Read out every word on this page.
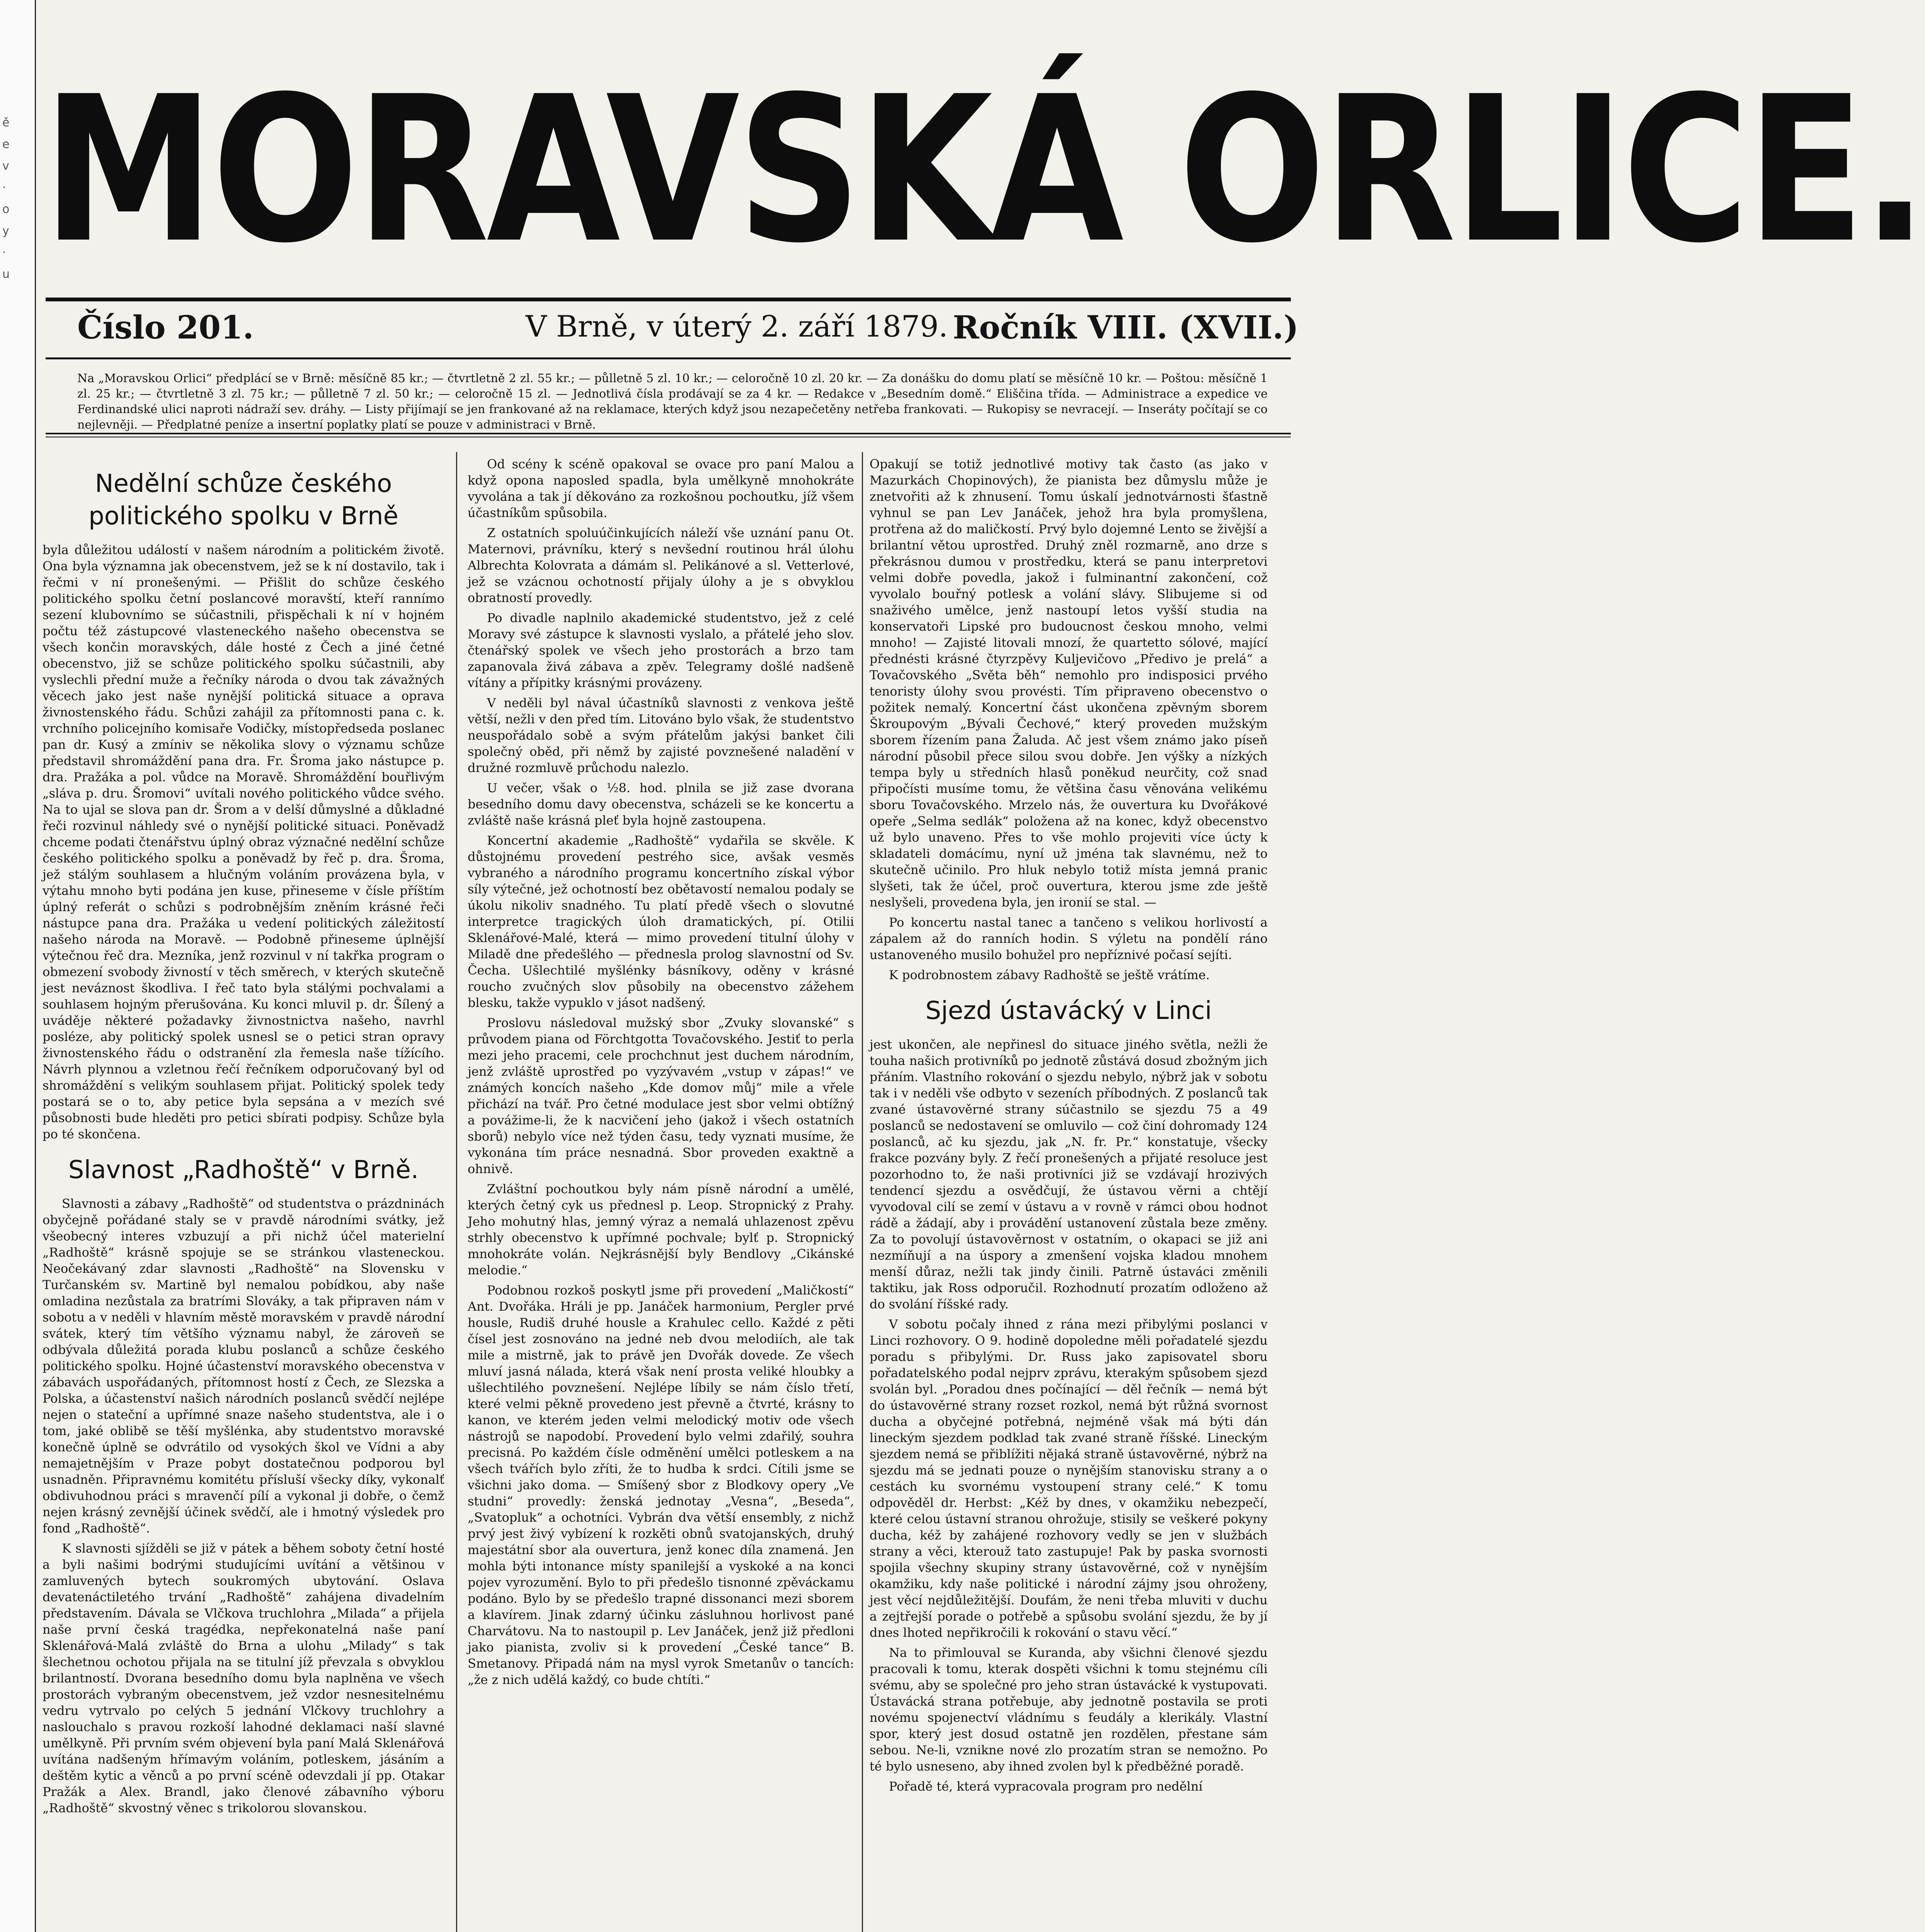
ě
e
v
·
o
y
·
u MORAVSKÁ ORLICE.
Číslo 201.	V Brně, v úterý 2. září 1879. Ročník VIII. (XVII.)
Na „Moravskou Orlici“ předplácí se v Brně: měsíčně 85 kr.; — čtvrtletně 2 zl. 55 kr.; — půlletně 5 zl. 10 kr.; — celoročně 10 zl. 20 kr. — Za donášku do domu platí se měsíčně 10 kr. — Poštou: měsíčně 1 zl. 25 kr.; — čtvrtletně 3 zl. 75 kr.; — půlletně 7 zl. 50 kr.; — celoročně 15 zl. — Jednotlivá čísla prodávají se za 4 kr. — Redakce v „Besedním domě.“ Eliščina třída. — Administrace a expedice ve Ferdinandské ulici naproti nádraží sev. dráhy. — Listy přijímají se jen frankované až na reklamace, kterých když jsou nezapečetěny netřeba frankovati. — Rukopisy se nevracejí. — Inseráty počítají se co nejlevněji. — Předplatné peníze a insertní poplatky platí se pouze v administraci v Brně.
Nedělní schůze českého politického spolku v Brně

byla důležitou událostí v našem národním a politickém životě. Ona byla významna jak obecenstvem, jež se k ní dostavilo, tak i řečmi v ní pronešenými. — Přišlit do schůze českého politického spolku četní poslancové moravští, kteří rannímo sezení klubovnímo se súčastnili, přispěchali k ní v hojném počtu též zástupcové vlasteneckého našeho obecenstva se všech končin moravských, dále hosté z Čech a jiné četné obecenstvo, již se schůze politického spolku súčastnili, aby vyslechli přední muže a řečníky národa o dvou tak závažných věcech jako jest naše nynější politická situace a oprava živnostenského řádu. Schůzi zahájil za přítomnosti pana c. k. vrchního policejního komisaře Vodičky, místopředseda poslanec pan dr. Kusý a zmíniv se několika slovy o významu schůze představil shromáždění pana dra. Fr. Šroma jako nástupce p. dra. Pražáka a pol. vůdce na Moravě. Shromáždění bouřlivým „sláva p. dru. Šromovi“ uvítali nového politického vůdce svého. Na to ujal se slova pan dr. Šrom a v delší důmyslné a důkladné řeči rozvinul náhledy své o nynější politické situaci. Poněvadž chceme podati čtenářstvu úplný obraz význačné nedělní schůze českého politického spolku a poněvadž by řeč p. dra. Šroma, jež stálým souhlasem a hlučným voláním provázena byla, v výtahu mnoho byti podána jen kuse, přineseme v čísle příštím úplný referát o schůzi s podrobnějším zněním krásné řeči nástupce pana dra. Pražáka u vedení politických záležitostí našeho národa na Moravě. — Podobně přineseme úplnější výtečnou řeč dra. Mezníka, jenž rozvinul v ní takřka program o obmezení svobody živností v těch směrech, v kterých skutečně jest neváznost škodliva. I řeč tato byla stálými pochvalami a souhlasem hojným přerušována. Ku konci mluvil p. dr. Šílený a uváděje některé požadavky živnostnictva našeho, navrhl posléze, aby politický spolek usnesl se o petici stran opravy živnostenského řádu o odstranění zla řemesla naše tížícího. Návrh plynnou a vzletnou řečí řečníkem odporučovaný byl od shromáždění s velikým souhlasem přijat. Politický spolek tedy postará se o to, aby petice byla sepsána a v mezích své působnosti bude hleděti pro petici sbírati podpisy. Schůze byla po té skončena.

Slavnost „Radhoště“ v Brně.

Slavnosti a zábavy „Radhoště“ od studentstva o prázdninách obyčejně pořádané staly se v pravdě národními svátky, jež všeobecný interes vzbuzují a při nichž účel materielní „Radhoště“ krásně spojuje se se stránkou vlasteneckou. Neočekávaný zdar slavnosti „Radhoště“ na Slovensku v Turčanském sv. Martině byl nemalou pobídkou, aby naše omladina nezůstala za bratrími Slováky, a tak připraven nám v sobotu a v neděli v hlavním městě moravském v pravdě národní svátek, který tím většího významu nabyl, že zároveň se odbývala důležitá porada klubu poslanců a schůze českého politického spolku. Hojné účastenství moravského obecenstva v zábavách uspořádaných, přítomnost hostí z Čech, ze Slezska a Polska, a účastenství našich národních poslanců svědčí nejlépe nejen o stateční a upřímné snaze našeho studentstva, ale i o tom, jaké oblibě se těší myšlénka, aby studentstvo moravské konečně úplně se odvrátilo od vysokých škol ve Vídni a aby nemajetnějším v Praze pobyt dostatečnou podporou byl usnadněn. Připravnému komitétu přísluší všecky díky, vykonalť obdivuhodnou práci s mravenčí pílí a vykonal ji dobře, o čemž nejen krásný zevnější účinek svědčí, ale i hmotný výsledek pro fond „Radhoště“.

K slavnosti sjížděli se již v pátek a během soboty četní hosté a byli našimi bodrými studujícími uvítání a většinou v zamluvených bytech soukromých ubytování. Oslava devatenáctiletého trvání „Radhoště“ zahájena divadelním představením. Dávala se Vlčkova truchlohra „Milada“ a přijela naše první česká tragédka, nepřekonatelná naše paní Sklenářová-Malá zvláště do Brna a ulohu „Milady“ s tak šlechetnou ochotou přijala na se titulní jíž převzala s obvyklou brilantností. Dvorana besedního domu byla naplněna ve všech prostorách vybraným obecenstvem, jež vzdor nesnesitelnému vedru vytrvalo po celých 5 jednání Vlčkovy truchlohry a naslouchalo s pravou rozkoší lahodné deklamaci naší slavné umělkyně. Při prvním svém objevení byla paní Malá Sklenářová uvítána nadšeným hřímavým voláním, potleskem, jásáním a deštěm kytic a věnců a po první scéně odevzdali jí pp. Otakar Pražák a Alex. Brandl, jako členové zábavního výboru „Radhoště“ skvostný věnec s trikolorou slovanskou.

Od scény k scéně opakoval se ovace pro paní Malou a když opona naposled spadla, byla umělkyně mnohokráte vyvolána a tak jí děkováno za rozkošnou pochoutku, jíž všem účastníkům spůsobila.

Z ostatních spoluúčinkujících náleží vše uznání panu Ot. Maternovi, právníku, který s nevšední routinou hrál úlohu Albrechta Kolovrata a dámám sl. Pelikánové a sl. Vetterlové, jež se vzácnou ochotností přijaly úlohy a je s obvyklou obratností provedly.

Po divadle naplnilo akademické studentstvo, jež z celé Moravy své zástupce k slavnosti vyslalo, a přátelé jeho slov. čtenářský spolek ve všech jeho prostorách a brzo tam zapanovala živá zábava a zpěv. Telegramy došlé nadšeně vítány a přípitky krásnými provázeny.

V neděli byl nával účastníků slavnosti z venkova ještě větší, nežli v den před tím. Litováno bylo však, že studentstvo neuspořádalo sobě a svým přátelům jakýsi banket čili společný oběd, při němž by zajisté povznešené naladění v družné rozmluvě průchodu nalezlo.

U večer, však o ½8. hod. plnila se již zase dvorana besedního domu davy obecenstva, scházeli se ke koncertu a zvláště naše krásná pleť byla hojně zastoupena.

Koncertní akademie „Radhoště“ vydařila se skvěle. K důstojnému provedení pestrého sice, avšak vesměs vybraného a národního programu koncertního získal výbor síly výtečné, jež ochotností bez obětavostí nemalou podaly se úkolu nikoliv snadného. Tu platí předě všech o slovutné interpretce tragických úloh dramatických, pí. Otilii Sklenářové-Malé, která — mimo provedení titulní úlohy v Miladě dne předešlého — přednesla prolog slavnostní od Sv. Čecha. Ušlechtilé myšlénky básníkovy, oděny v krásné roucho zvučných slov působily na obecenstvo zážehem blesku, takže vypuklo v jásot nadšený.

Proslovu následoval mužský sbor „Zvuky slovanské“ s průvodem piana od Förchtgotta Tovačovského. Jestiť to perla mezi jeho pracemi, cele prochchnut jest duchem národním, jenž zvláště uprostřed po vyzývavém „vstup v zápas!“ ve známých koncích našeho „Kde domov můj“ mile a vřele přichází na tvář. Pro četné modulace jest sbor velmi obtížný a povážime-li, že k nacvičení jeho (jakož i všech ostatních sborů) nebylo více než týden času, tedy vyznati musíme, že vykonána tím práce nesnadná. Sbor proveden exaktně a ohnivě.

Zvláštní pochoutkou byly nám písně národní a umělé, kterých četný cyk us přednesl p. Leop. Stropnický z Prahy. Jeho mohutný hlas, jemný výraz a nemalá uhlazenost zpěvu strhly obecenstvo k upřímné pochvale; bylť p. Stropnický mnohokráte volán. Nejkrásnější byly Bendlovy „Cikánské melodie.“

Podobnou rozkoš poskytl jsme při provedení „Maličkostí“ Ant. Dvořáka. Hráli je pp. Janáček harmonium, Pergler prvé housle, Rudiš druhé housle a Krahulec cello. Každé z pěti čísel jest zosnováno na jedné neb dvou melodiích, ale tak mile a mistrně, jak to právě jen Dvořák dovede. Ze všech mluví jasná nálada, která však není prosta veliké hloubky a ušlechtilého povznešení. Nejlépe líbily se nám číslo třetí, které velmi pěkně provedeno jest převně a čtvrté, krásny to kanon, ve kterém jeden velmi melodický motiv ode všech nástrojů se napodobí. Provedení bylo velmi zdařilý, souhra precisná. Po každém čísle odměnění umělci potleskem a na všech tvářích bylo zříti, že to hudba k srdci. Cítili jsme se všichni jako doma. — Smíšený sbor z Blodkovy opery „Ve studni“ provedly: ženská jednotay „Vesna“, „Beseda“, „Svatopluk“ a ochotníci. Vybrán dva větší ensembly, z nichž prvý jest živý vybízení k rozkěti obnů svatojanských, druhý majestátní sbor ala ouvertura, jenž konec díla znamená. Jen mohla býti intonance místy spanilejší a vyskoké a na konci pojev vyrozumění. Bylo to při předešlo tisnonné zpěváckamu podáno. Bylo by se předešlo trapné dissonanci mezi sborem a klavírem. Jinak zdarný účinku zásluhnou horlivost pané Charvátovu. Na to nastoupil p. Lev Janáček, jenž již předloni jako pianista, zvoliv si k provedení „České tance“ B. Smetanovy. Připadá nám na mysl vyrok Smetanův o tancích: „že z nich udělá každý, co bude chtíti.“

Opakují se totiž jednotlivé motivy tak často (as jako v Mazurkách Chopinových), že pianista bez důmyslu může je znetvořiti až k zhnusení. Tomu úskalí jednotvárnosti šťastně vyhnul se pan Lev Janáček, jehož hra byla promyšlena, protřena až do maličkostí. Prvý bylo dojemné Lento se živější a brilantní větou uprostřed. Druhý zněl rozmarně, ano drze s překrásnou dumou v prostředku, která se panu interpretovi velmi dobře povedla, jakož i fulminantní zakončení, což vyvolalo bouřný potlesk a volání slávy. Slibujeme si od snaživého umělce, jenž nastoupí letos vyšší studia na konservatoři Lipské pro budoucnost českou mnoho, velmi mnoho! — Zajisté litovali mnozí, že quartetto sólové, mající přednésti krásné čtyrzpěvy Kuljevičovo „Předivo je prelá“ a Tovačovského „Světa běh“ nemohlo pro indisposici prvého tenoristy úlohy svou provésti. Tím připraveno obecenstvo o požitek nemalý. Koncertní část ukončena zpěvným sborem Škroupovým „Bývali Čechové,“ který proveden mužským sborem řízením pana Žaluda. Ač jest všem známo jako píseň národní působil přece silou svou dobře. Jen výšky a nízkých tempa byly u středních hlasů poněkud neurčity, což snad připočísti musíme tomu, že většina času věnována velikému sboru Tovačovského. Mrzelo nás, že ouvertura ku Dvořákové opeře „Selma sedlák“ položena až na konec, když obecenstvo už bylo unaveno. Přes to vše mohlo projeviti více úcty k skladateli domácímu, nyní už jména tak slavnému, než to skutečně učinilo. Pro hluk nebylo totiž místa jemná pranic slyšeti, tak že účel, proč ouvertura, kterou jsme zde ještě neslyšeli, provedena byla, jen ironií se stal. —

Po koncertu nastal tanec a tančeno s velikou horlivostí a zápalem až do ranních hodin. S výletu na pondělí ráno ustanoveného musilo bohužel pro nepříznivé počasí sejíti.

K podrobnostem zábavy Radhoště se ještě vrátíme.

Sjezd ústavácký v Linci

jest ukončen, ale nepřinesl do situace jiného světla, nežli že touha našich protivníků po jednotě zůstává dosud zbožným jich přáním. Vlastního rokování o sjezdu nebylo, nýbrž jak v sobotu tak i v neděli vše odbyto v sezeních příbodných. Z poslanců tak zvané ústavověrné strany súčastnilo se sjezdu 75 a 49 poslanců se nedostavení se omluvilo — což činí dohromady 124 poslanců, ač ku sjezdu, jak „N. fr. Pr.“ konstatuje, všecky frakce pozvány byly. Z řečí pronešených a přijaté resoluce jest pozorhodno to, že naši protivníci již se vzdávají hrozivých tendencí sjezdu a osvědčují, že ústavou věrni a chtějí vyvodoval cilí se zemí v ústavu a v rovně v rámci obou hodnot rádě a žádají, aby i provádění ustanovení zůstala beze změny. Za to povolují ústavověrnost v ostatním, o okapaci se již ani nezmíňují a na úspory a zmenšení vojska kladou mnohem menší důraz, nežli tak jindy činili. Patrně ústaváci změnili taktiku, jak Ross odporučil. Rozhodnutí prozatím odloženo až do svolání říšské rady.

V sobotu počaly ihned z rána mezi přibylými poslanci v Linci rozhovory. O 9. hodině dopoledne měli pořadatelé sjezdu poradu s přibylými. Dr. Russ jako zapisovatel sboru pořadatelského podal nejprv zprávu, kterakým spůsobem sjezd svolán byl. „Poradou dnes počínající — děl řečník — nemá být do ústavověrné strany rozset rozkol, nemá být růžná svornost ducha a obyčejné potřebná, nejméně však má býti dán lineckým sjezdem podklad tak zvané straně říšské. Lineckým sjezdem nemá se přiblížiti nějaká straně ústavověrné, nýbrž na sjezdu má se jednati pouze o nynějším stanovisku strany a o cestách ku svornému vystoupení strany celé.“ K tomu odpověděl dr. Herbst: „Kéž by dnes, v okamžiku nebezpečí, které celou ústavní stranou ohrožuje, stisily se veškeré pokyny ducha, kéž by zahájené rozhovory vedly se jen v službách strany a věci, kterouž tato zastupuje! Pak by paska svornosti spojila všechny skupiny strany ústavověrné, což v nynějším okamžiku, kdy naše politické i národní zájmy jsou ohroženy, jest věcí nejdůležitější. Doufám, že neni třeba mluviti v duchu a zejtřejší porade o potřebě a spůsobu svolání sjezdu, že by jí dnes lhoted nepřikročili k rokování o stavu věcí.“

Na to přimlouval se Kuranda, aby všichni členové sjezdu pracovali k tomu, kterak dospěti všichni k tomu stejnému cíli svému, aby se společné pro jeho stran ústavácké k vystupovati. Ústavácká strana potřebuje, aby jednotně postavila se proti novému spojenectví vládnímu s feudály a klerikály. Vlastní spor, který jest dosud ostatně jen rozdělen, přestane sám sebou. Ne-li, vznikne nové zlo prozatím stran se nemožno. Po té bylo usneseno, aby ihned zvolen byl k předběžné poradě.

Pořadě té, která vypracovala program pro nedělní
